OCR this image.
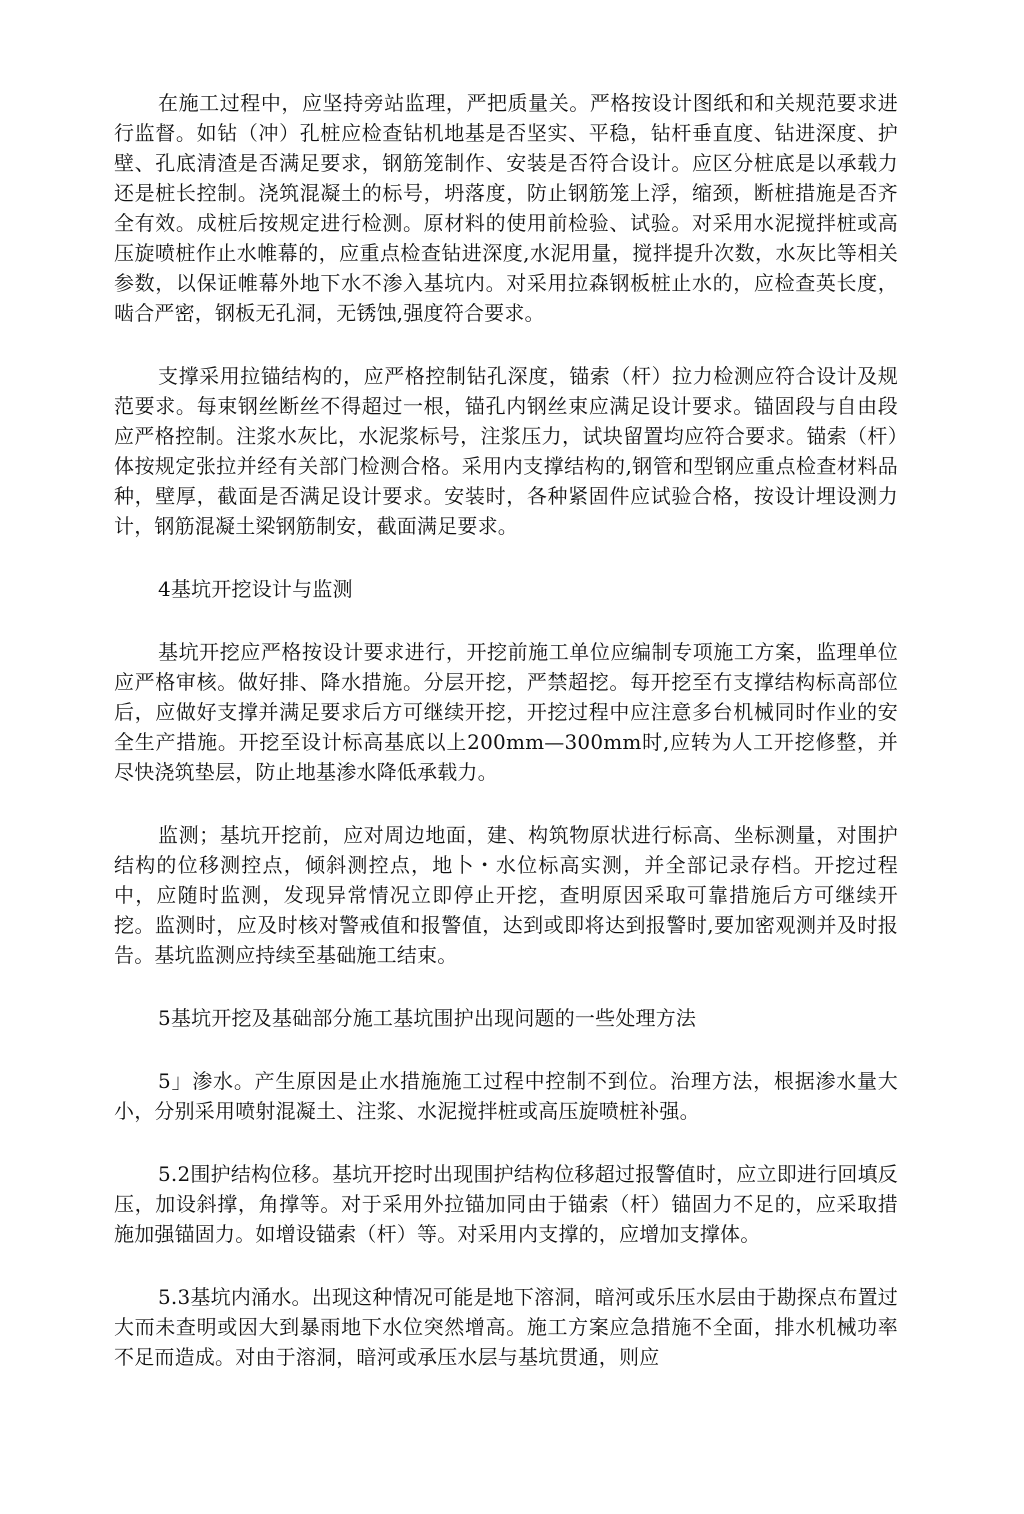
在施工过程中，应坚持旁站监理，严把质量关。严格按设计图纸和和关规范要求进行监督。如钻（冲）孔桩应检查钻机地基是否坚实、平稳，钻杆垂直度、钻进深度、护壁、孔底清渣是否满足要求，钢筋笼制作、安装是否符合设计。应区分桩底是以承载力还是桩长控制。浇筑混凝土的标号，坍落度，防止钢筋笼上浮，缩颈，断桩措施是否齐全有效。成桩后按规定进行检测。原材料的使用前检验、试验。对采用水泥搅拌桩或高压旋喷桩作止水帷幕的，应重点检查钻进深度,水泥用量，搅拌提升次数，水灰比等相关参数，以保证帷幕外地下水不渗入基坑内。对采用拉森钢板桩止水的，应检查英长度，啮合严密，钢板无孔洞，无锈蚀,强度符合要求。

支撑采用拉锚结构的，应严格控制钻孔深度，锚索（杆）拉力检测应符合设计及规范要求。每束钢丝断丝不得超过一根，锚孔内钢丝束应满足设计要求。锚固段与自由段应严格控制。注浆水灰比，水泥浆标号，注浆压力，试块留置均应符合要求。锚索（杆）体按规定张拉并经有关部门检测合格。采用内支撑结构的,钢管和型钢应重点检查材料品种，壁厚，截面是否满足设计要求。安装时，各种紧固件应试验合格，按设计埋设测力计，钢筋混凝土梁钢筋制安，截面满足要求。

4基坑开挖设计与监测

基坑开挖应严格按设计要求进行，开挖前施工单位应编制专项施工方案，监理单位应严格审核。做好排、降水措施。分层开挖，严禁超挖。每开挖至冇支撑结构标高部位后，应做好支撑并满足要求后方可继续开挖，开挖过程中应注意多台机械同时作业的安全生产措施。开挖至设计标高基底以上200mm—300mm时,应转为人工开挖修整，并尽快浇筑垫层，防止地基渗水降低承载力。

监测；基坑开挖前，应对周边地面，建、构筑物原状进行标高、坐标测量，对围护结构的位移测控点，倾斜测控点，地卜・水位标高实测，并全部记录存档。开挖过程中，应随时监测，发现异常情况立即停止开挖，查明原因采取可靠措施后方可继续开挖。监测时，应及时核对警戒值和报警值，达到或即将达到报警时,要加密观测并及时报告。基坑监测应持续至基础施工结束。

5基坑开挖及基础部分施工基坑围护出现问题的一些处理方法

5」渗水。产生原因是止水措施施工过程中控制不到位。治理方法，根据渗水量大小，分别采用喷射混凝土、注浆、水泥搅拌桩或高压旋喷桩补强。

5.2围护结构位移。基坑开挖时出现围护结构位移超过报警值时，应立即进行回填反压，加设斜撑，角撑等。对于采用外拉锚加同由于锚索（杆）锚固力不足的，应采取措施加强锚固力。如增设锚索（杆）等。对采用内支撑的，应增加支撑体。

5.3基坑内涌水。出现这种情况可能是地下溶洞，暗河或乐压水层由于勘探点布置过大而未查明或因大到暴雨地下水位突然增高。施工方案应急措施不全面，排水机械功率不足而造成。对由于溶洞，暗河或承压水层与基坑贯通，则应
